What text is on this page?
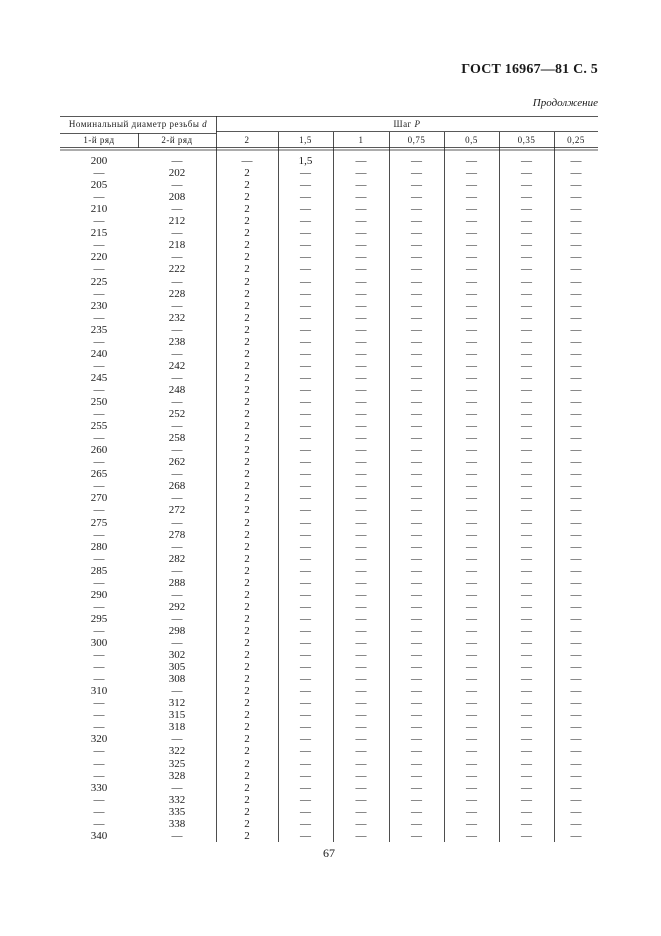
ГОСТ 16967—81 С. 5
Продолжение
Номинальный диаметр резьбы d	Шаг P
1-й ряд	2-й ряд	2	1,5	1	0,75	0,5	0,35	0,25
200	—	—	1,5	—	—	—	—	—
—	202	2	—	—	—	—	—	—
205	—	2	—	—	—	—	—	—
—	208	2	—	—	—	—	—	—
210	—	2	—	—	—	—	—	—
—	212	2	—	—	—	—	—	—
215	—	2	—	—	—	—	—	—
—	218	2	—	—	—	—	—	—
220	—	2	—	—	—	—	—	—
—	222	2	—	—	—	—	—	—
225	—	2	—	—	—	—	—	—
—	228	2	—	—	—	—	—	—
230	—	2	—	—	—	—	—	—
—	232	2	—	—	—	—	—	—
235	—	2	—	—	—	—	—	—
—	238	2	—	—	—	—	—	—
240	—	2	—	—	—	—	—	—
—	242	2	—	—	—	—	—	—
245	—	2	—	—	—	—	—	—
—	248	2	—	—	—	—	—	—
250	—	2	—	—	—	—	—	—
—	252	2	—	—	—	—	—	—
255	—	2	—	—	—	—	—	—
—	258	2	—	—	—	—	—	—
260	—	2	—	—	—	—	—	—
—	262	2	—	—	—	—	—	—
265	—	2	—	—	—	—	—	—
—	268	2	—	—	—	—	—	—
270	—	2	—	—	—	—	—	—
—	272	2	—	—	—	—	—	—
275	—	2	—	—	—	—	—	—
—	278	2	—	—	—	—	—	—
280	—	2	—	—	—	—	—	—
—	282	2	—	—	—	—	—	—
285	—	2	—	—	—	—	—	—
—	288	2	—	—	—	—	—	—
290	—	2	—	—	—	—	—	—
—	292	2	—	—	—	—	—	—
295	—	2	—	—	—	—	—	—
—	298	2	—	—	—	—	—	—
300	—	2	—	—	—	—	—	—
—	302	2	—	—	—	—	—	—
—	305	2	—	—	—	—	—	—
—	308	2	—	—	—	—	—	—
310	—	2	—	—	—	—	—	—
—	312	2	—	—	—	—	—	—
—	315	2	—	—	—	—	—	—
—	318	2	—	—	—	—	—	—
320	—	2	—	—	—	—	—	—
—	322	2	—	—	—	—	—	—
—	325	2	—	—	—	—	—	—
—	328	2	—	—	—	—	—	—
330	—	2	—	—	—	—	—	—
—	332	2	—	—	—	—	—	—
—	335	2	—	—	—	—	—	—
—	338	2	—	—	—	—	—	—
340	—	2	—	—	—	—	—	—
67
